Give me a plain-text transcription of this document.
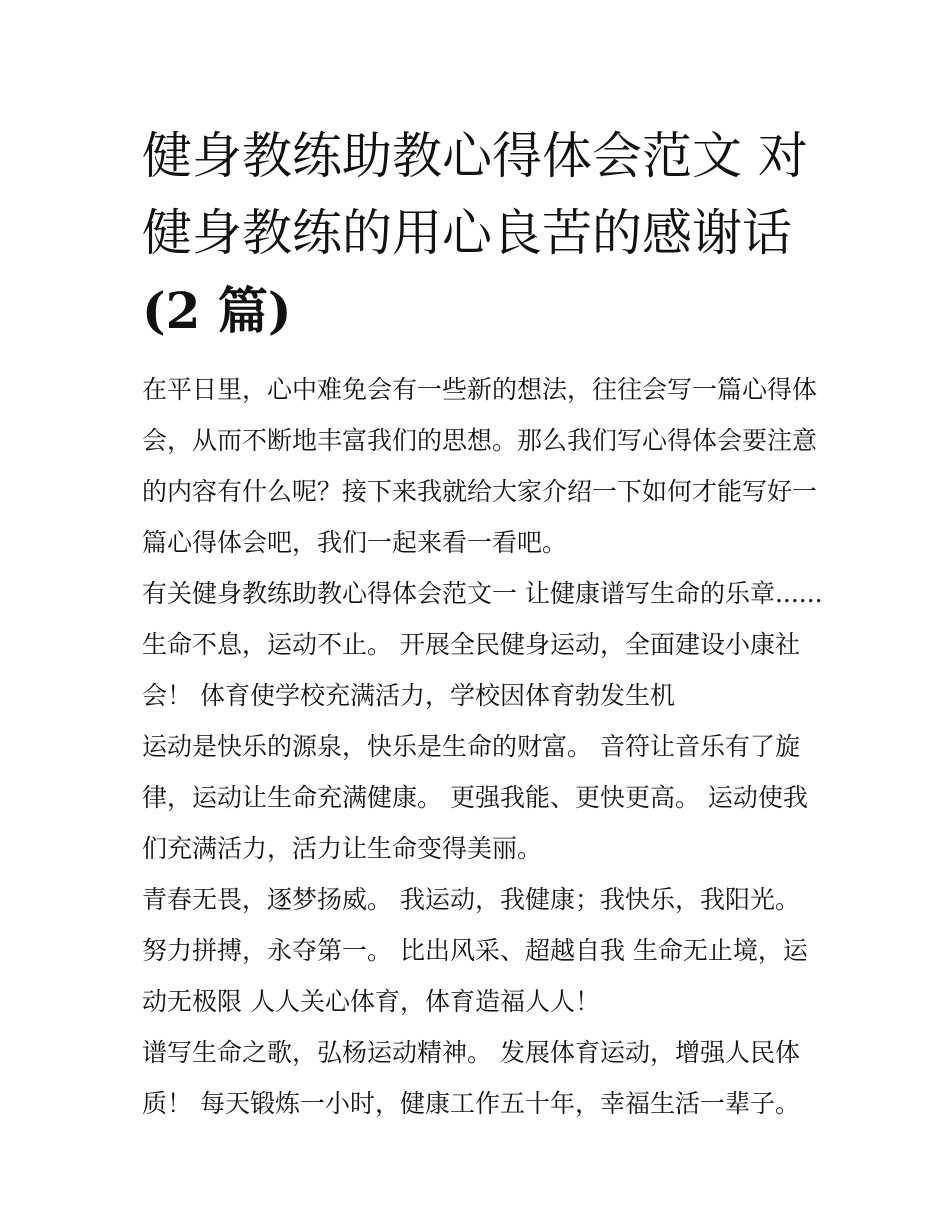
健身教练助教心得体会范文 对
健身教练的用心良苦的感谢话
(2 篇)

在平日里，心中难免会有一些新的想法，往往会写一篇心得体
会，从而不断地丰富我们的思想。那么我们写心得体会要注意
的内容有什么呢？接下来我就给大家介绍一下如何才能写好一
篇心得体会吧，我们一起来看一看吧。

有关健身教练助教心得体会范文一 让健康谱写生命的乐章......
生命不息，运动不止。 开展全民健身运动，全面建设小康社
会！ 体育使学校充满活力，学校因体育勃发生机

运动是快乐的源泉，快乐是生命的财富。 音符让音乐有了旋
律，运动让生命充满健康。 更强我能、更快更高。 运动使我
们充满活力，活力让生命变得美丽。

青春无畏，逐梦扬威。 我运动，我健康；我快乐，我阳光。
努力拼搏，永夺第一。 比出风采、超越自我 生命无止境，运
动无极限 人人关心体育，体育造福人人！

谱写生命之歌，弘杨运动精神。 发展体育运动，增强人民体
质！ 每天锻炼一小时，健康工作五十年，幸福生活一辈子。
